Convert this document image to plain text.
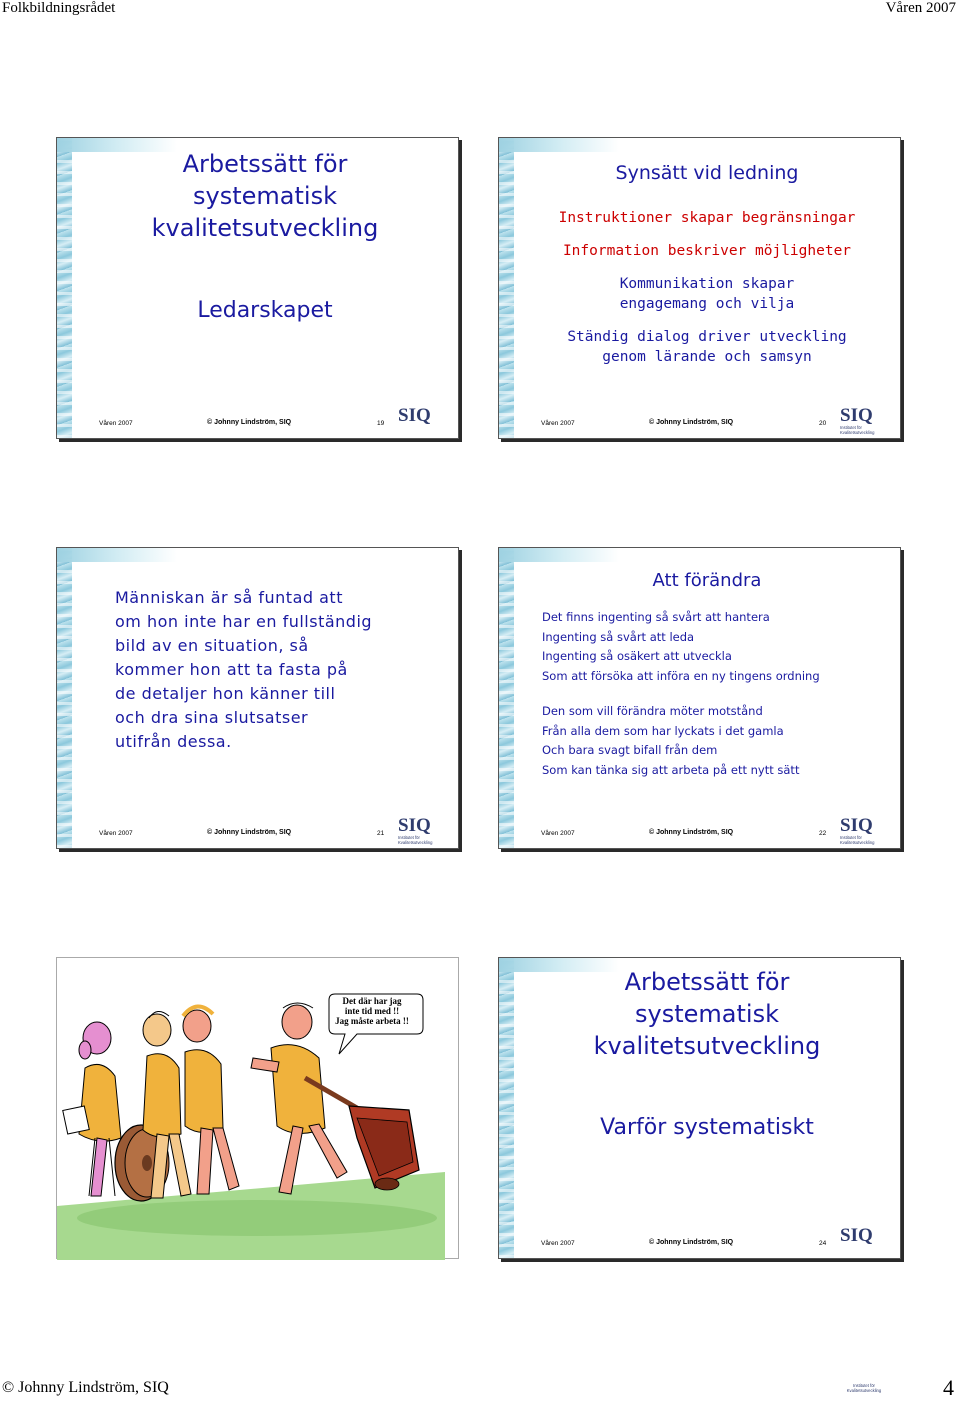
Folkbildningsrådet	Våren 2007
Arbetssätt för
systematisk
kvalitetsutveckling
Ledarskapet
Våren 2007	© Johnny Lindström, SIQ	19 SIQ
Synsätt vid ledning
Instruktioner skapar begränsningar
Information beskriver möjligheter
Kommunikation skapar
engagemang och vilja
Ständig dialog driver utveckling
genom lärande och samsyn
Våren 2007	© Johnny Lindström, SIQ	20 SIQ
Institutet för Kvalitetsutveckling
Människan är så funtad att
om hon inte har en fullständig
bild av en situation, så
kommer hon att ta fasta på
de detaljer hon känner till
och dra sina slutsatser
utifrån dessa.
Våren 2007	© Johnny Lindström, SIQ	21 SIQ
Institutet för Kvalitetsutveckling
Att förändra
Det finns ingenting så svårt att hantera
Ingenting så svårt att leda
Ingenting så osäkert att utveckla
Som att försöka att införa en ny tingens ordning
Den som vill förändra möter motstånd
Från alla dem som har lyckats i det gamla
Och bara svagt bifall från dem
Som kan tänka sig att arbeta på ett nytt sätt
Våren 2007	© Johnny Lindström, SIQ	22 SIQ
Institutet för Kvalitetsutveckling
Det där har jag
inte tid med !!
Jag måste arbeta !!
Arbetssätt för
systematisk
kvalitetsutveckling
Varför systematiskt
Våren 2007	© Johnny Lindström, SIQ	24 SIQ
Institutet för Kvalitetsutveckling
© Johnny Lindström, SIQ	4
